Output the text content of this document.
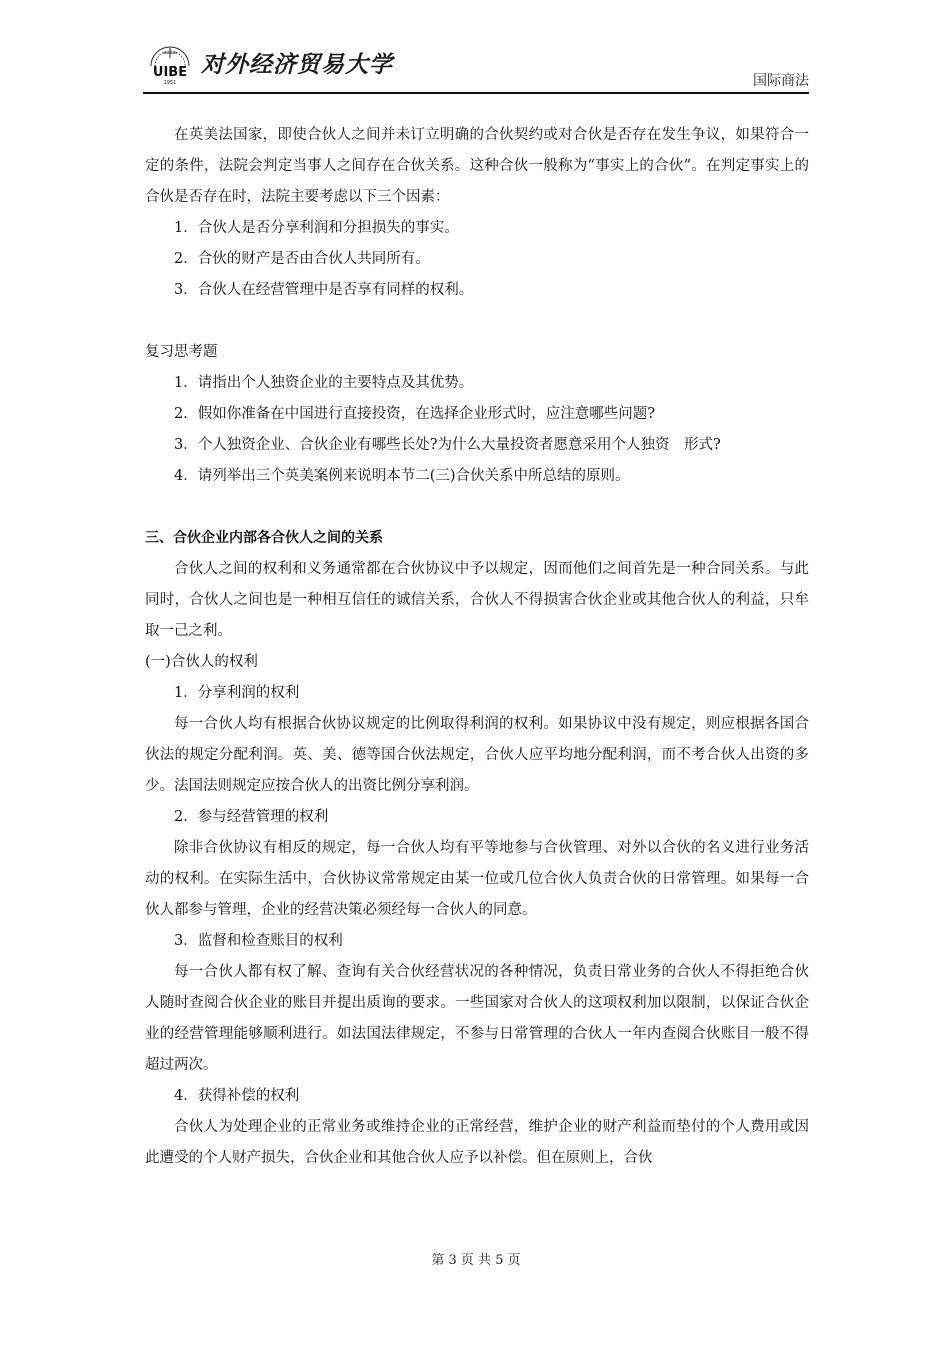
UIBE
1951
对外经济贸易大学
国际商法

在英美法国家，即使合伙人之间并未订立明确的合伙契约或对合伙是否存在发生争议，如果符合一定的条件，法院会判定当事人之间存在合伙关系。这种合伙一般称为“事实上的合伙”。在判定事实上的合伙是否存在时，法院主要考虑以下三个因素：

1．合伙人是否分享利润和分担损失的事实。

2．合伙的财产是否由合伙人共同所有。

3．合伙人在经营管理中是否享有同样的权利。

复习思考题

1．请指出个人独资企业的主要特点及其优势。

2．假如你准备在中国进行直接投资，在选择企业形式时，应注意哪些问题?

3．个人独资企业、合伙企业有哪些长处?为什么大量投资者愿意采用个人独资　形式?

4．请列举出三个英美案例来说明本节二(三)合伙关系中所总结的原则。

三、合伙企业内部各合伙人之间的关系

合伙人之间的权利和义务通常都在合伙协议中予以规定，因而他们之间首先是一种合同关系。与此同时，合伙人之间也是一种相互信任的诚信关系，合伙人不得损害合伙企业或其他合伙人的利益，只牟取一己之利。

(一)合伙人的权利

1．分享利润的权利

每一合伙人均有根据合伙协议规定的比例取得利润的权利。如果协议中没有规定，则应根据各国合伙法的规定分配利润。英、美、德等国合伙法规定，合伙人应平均地分配利润，而不考合伙人出资的多少。法国法则规定应按合伙人的出资比例分享利润。

2．参与经营管理的权利

除非合伙协议有相反的规定，每一合伙人均有平等地参与合伙管理、对外以合伙的名义进行业务活动的权利。在实际生活中，合伙协议常常规定由某一位或几位合伙人负责合伙的日常管理。如果每一合伙人都参与管理，企业的经营决策必须经每一合伙人的同意。

3．监督和检查账目的权利

每一合伙人都有权了解、查询有关合伙经营状况的各种情况，负责日常业务的合伙人不得拒绝合伙人随时查阅合伙企业的账目并提出质询的要求。一些国家对合伙人的这项权利加以限制，以保证合伙企业的经营管理能够顺利进行。如法国法律规定，不参与日常管理的合伙人一年内查阅合伙账目一般不得超过两次。

4．获得补偿的权利

合伙人为处理企业的正常业务或维持企业的正常经营，维护企业的财产利益而垫付的个人费用或因此遭受的个人财产损失，合伙企业和其他合伙人应予以补偿。但在原则上，合伙

第 3 页 共 5 页
